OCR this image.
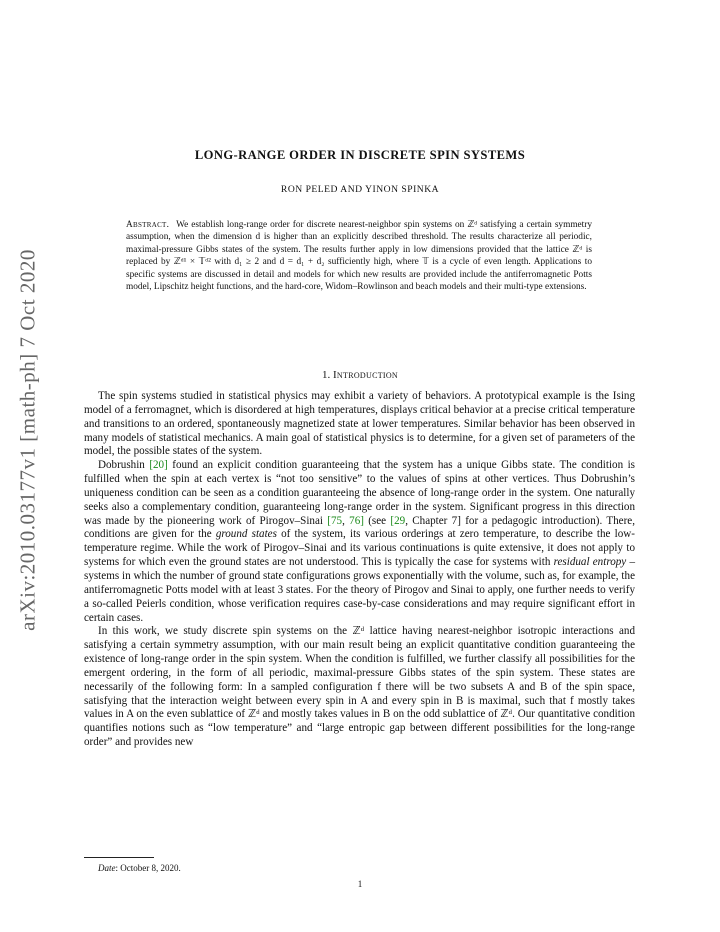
arXiv:2010.03177v1 [math-ph] 7 Oct 2020
LONG-RANGE ORDER IN DISCRETE SPIN SYSTEMS
RON PELED AND YINON SPINKA
Abstract. We establish long-range order for discrete nearest-neighbor spin systems on ℤᵈ satisfying a certain symmetry assumption, when the dimension d is higher than an explicitly described threshold. The results characterize all periodic, maximal-pressure Gibbs states of the system. The results further apply in low dimensions provided that the lattice ℤᵈ is replaced by ℤᵈ¹ × 𝕋ᵈ² with d₁ ≥ 2 and d = d₁ + d₂ sufficiently high, where 𝕋 is a cycle of even length. Applications to specific systems are discussed in detail and models for which new results are provided include the antiferromagnetic Potts model, Lipschitz height functions, and the hard-core, Widom–Rowlinson and beach models and their multi-type extensions.
1. Introduction

The spin systems studied in statistical physics may exhibit a variety of behaviors. A prototypical example is the Ising model of a ferromagnet, which is disordered at high temperatures, displays critical behavior at a precise critical temperature and transitions to an ordered, spontaneously magnetized state at lower temperatures. Similar behavior has been observed in many models of statistical mechanics. A main goal of statistical physics is to determine, for a given set of parameters of the model, the possible states of the system.

Dobrushin [20] found an explicit condition guaranteeing that the system has a unique Gibbs state. The condition is fulfilled when the spin at each vertex is “not too sensitive” to the values of spins at other vertices. Thus Dobrushin’s uniqueness condition can be seen as a condition guaranteeing the absence of long-range order in the system. One naturally seeks also a complementary condition, guaranteeing long-range order in the system. Significant progress in this direction was made by the pioneering work of Pirogov–Sinai [75, 76] (see [29, Chapter 7] for a pedagogic introduction). There, conditions are given for the ground states of the system, its various orderings at zero temperature, to describe the low-temperature regime. While the work of Pirogov–Sinai and its various continuations is quite extensive, it does not apply to systems for which even the ground states are not understood. This is typically the case for systems with residual entropy – systems in which the number of ground state configurations grows exponentially with the volume, such as, for example, the antiferromagnetic Potts model with at least 3 states. For the theory of Pirogov and Sinai to apply, one further needs to verify a so-called Peierls condition, whose verification requires case-by-case considerations and may require significant effort in certain cases.

In this work, we study discrete spin systems on the ℤᵈ lattice having nearest-neighbor isotropic interactions and satisfying a certain symmetry assumption, with our main result being an explicit quantitative condition guaranteeing the existence of long-range order in the spin system. When the condition is fulfilled, we further classify all possibilities for the emergent ordering, in the form of all periodic, maximal-pressure Gibbs states of the spin system. These states are necessarily of the following form: In a sampled configuration f there will be two subsets A and B of the spin space, satisfying that the interaction weight between every spin in A and every spin in B is maximal, such that f mostly takes values in A on the even sublattice of ℤᵈ and mostly takes values in B on the odd sublattice of ℤᵈ. Our quantitative condition quantifies notions such as “low temperature” and “large entropic gap between different possibilities for the long-range order” and provides new

Date: October 8, 2020.
1
